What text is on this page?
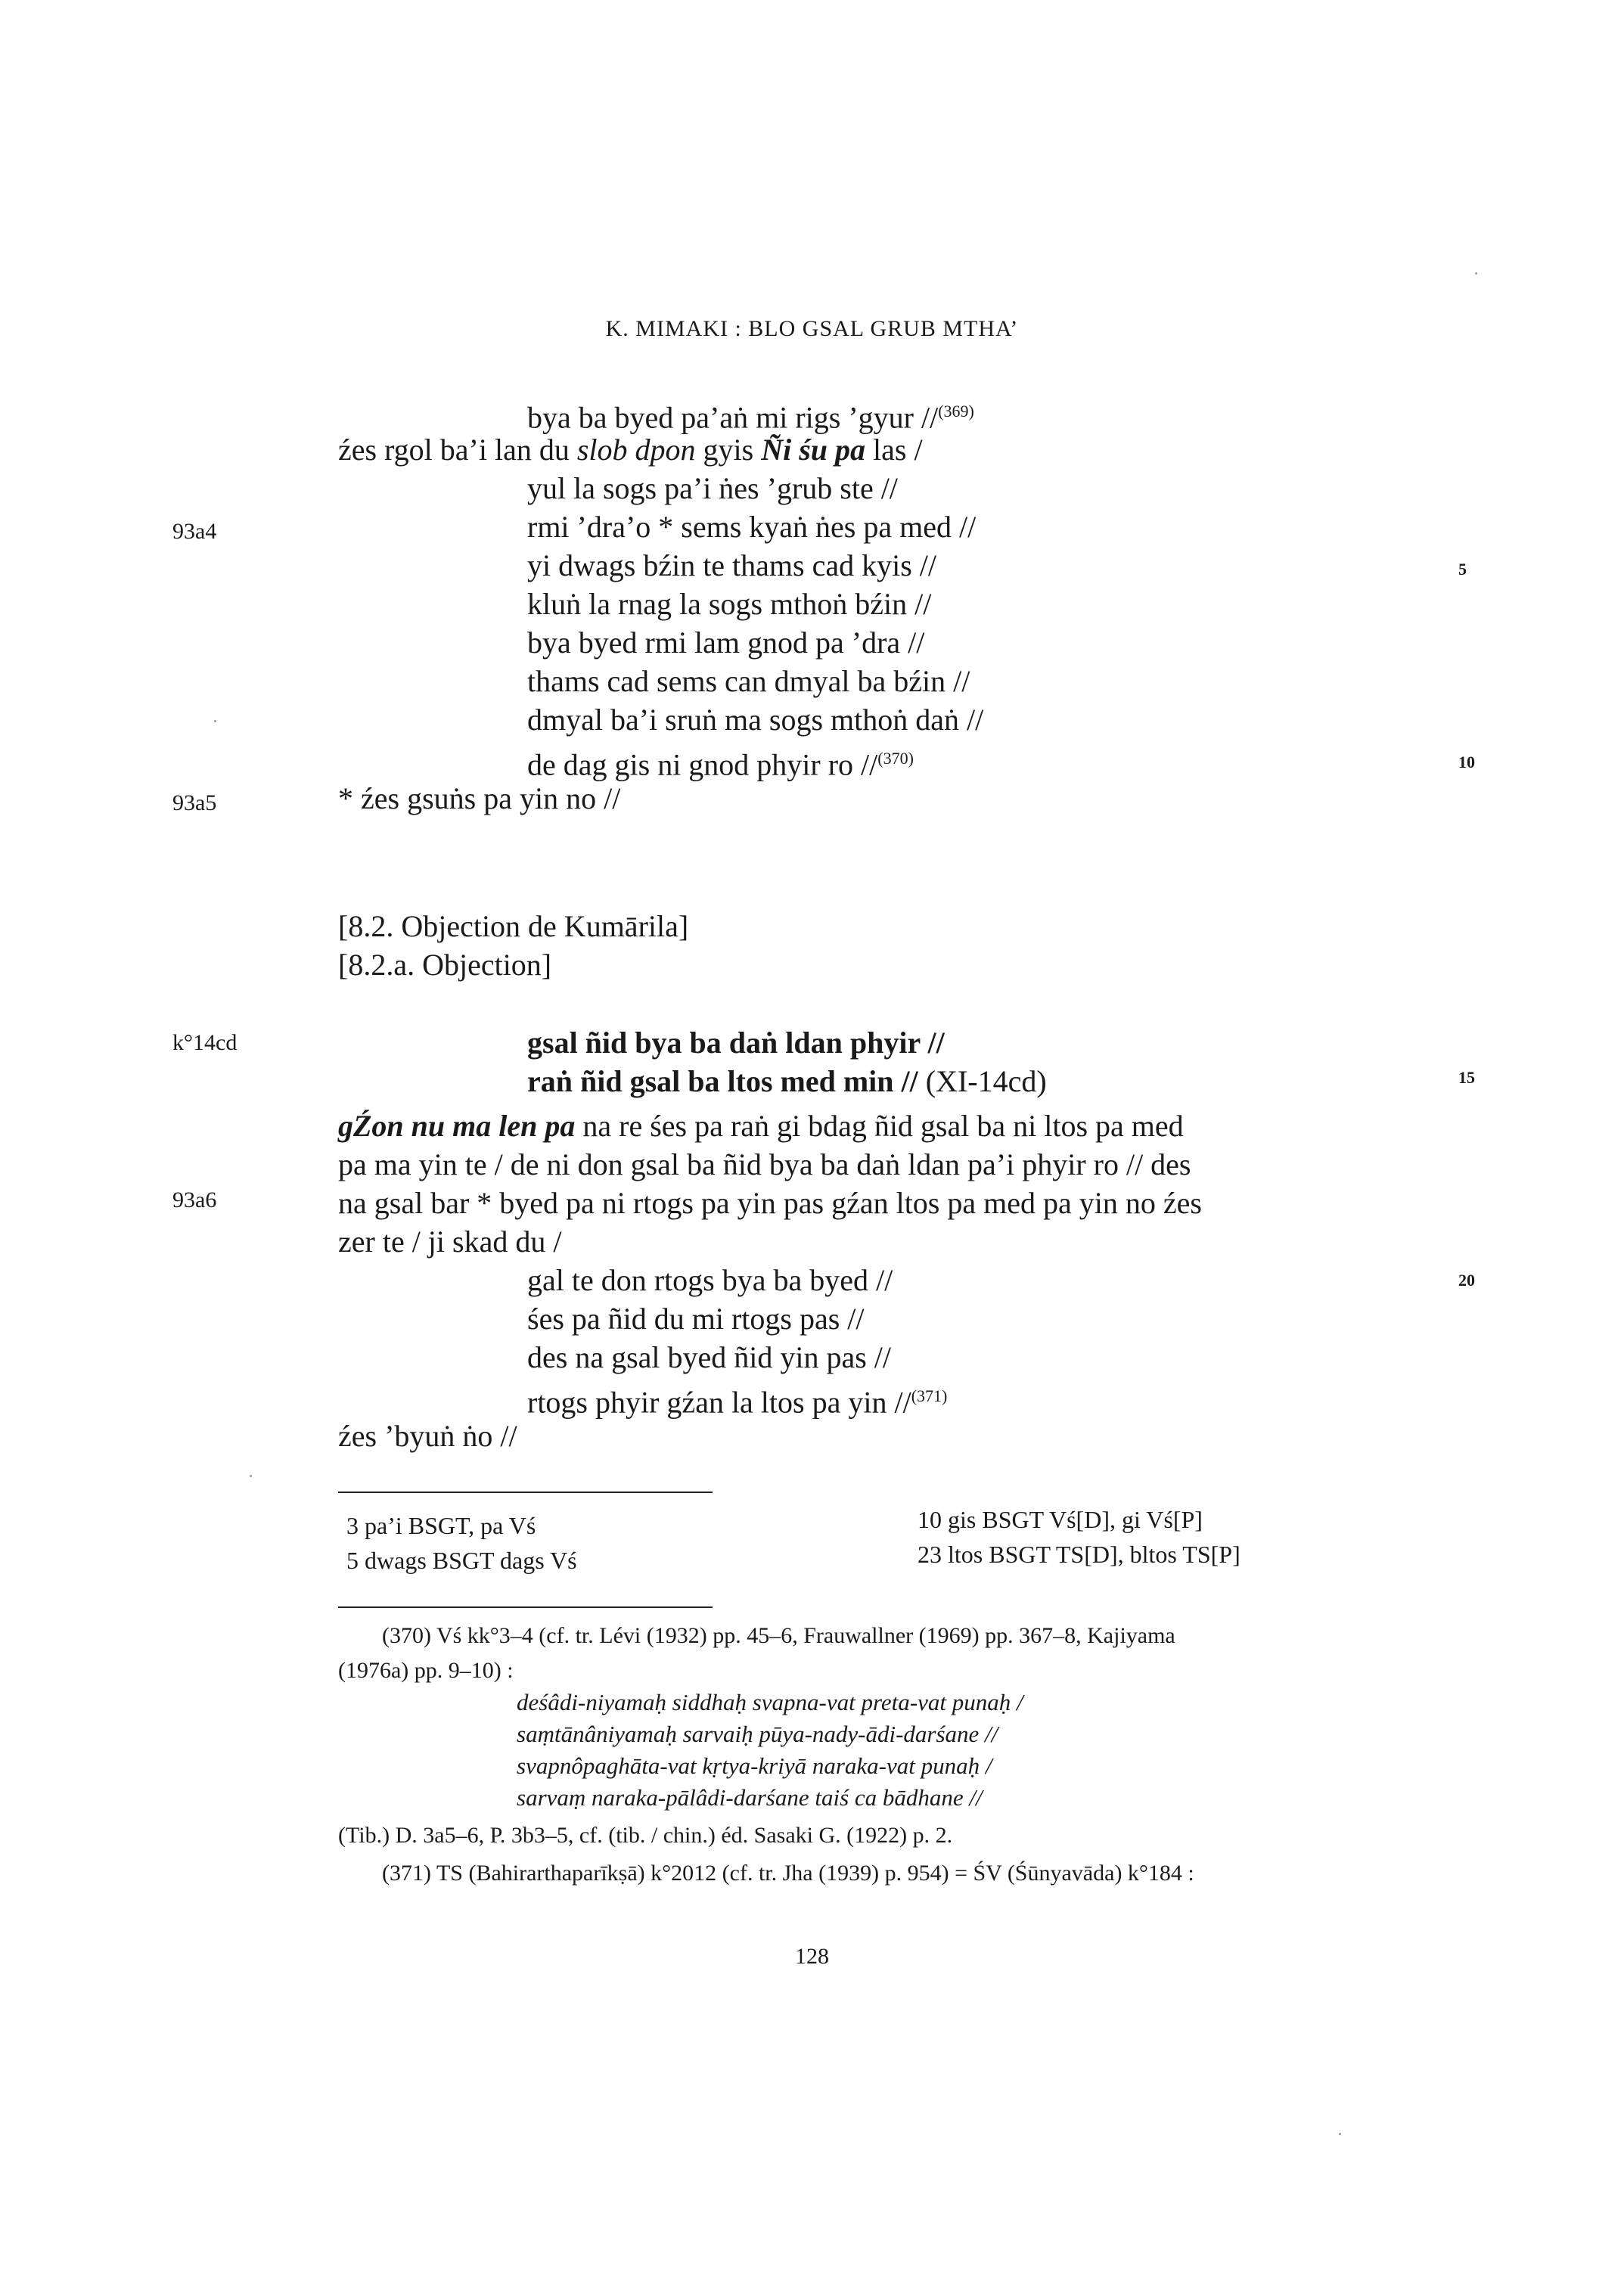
K. MIMAKI : BLO GSAL GRUB MTHA’
bya ba byed pa’aṅ mi rigs ’gyur //$^{(369)}$
źes rgol ba’i lan du slob dpon gyis Ñi śu pa las /
yul la sogs pa’i ṅes ’grub ste //
rmi ’dra’o * sems kyaṅ ṅes pa med //
yi dwags bźin te thams cad kyis //
kluṅ la rnag la sogs mthoṅ bźin //
bya byed rmi lam gnod pa ’dra //
thams cad sems can dmyal ba bźin //
dmyal ba’i sruṅ ma sogs mthoṅ daṅ //
de dag gis ni gnod phyir ro //$^{(370)}$
* źes gsuṅs pa yin no //
93a4
93a5
k°14cd
93a6
5
10
15
20
[8.2. Objection de Kumārila]
[8.2.a. Objection]
gsal ñid bya ba daṅ ldan phyir //
raṅ ñid gsal ba ltos med min // (XI-14cd)
gŹon nu ma len pa na re śes pa raṅ gi bdag ñid gsal ba ni ltos pa med
pa ma yin te / de ni don gsal ba ñid bya ba daṅ ldan pa’i phyir ro // des
na gsal bar * byed pa ni rtogs pa yin pas gźan ltos pa med pa yin no źes
zer te / ji skad du /
gal te don rtogs bya ba byed //
śes pa ñid du mi rtogs pas //
des na gsal byed ñid yin pas //
rtogs phyir gźan la ltos pa yin //$^{(371)}$
źes ’byuṅ ṅo //
3 pa’i BSGT, pa Vś
5 dwags BSGT dags Vś
10 gis BSGT Vś[D], gi Vś[P]
23 ltos BSGT TS[D], bltos TS[P]
(370) Vś kk°3–4 (cf. tr. Lévi (1932) pp. 45–6, Frauwallner (1969) pp. 367–8, Kajiyama
(1976a) pp. 9–10) :
deśâdi-niyamaḥ siddhaḥ svapna-vat preta-vat punaḥ /
saṃtānâniyamaḥ sarvaiḥ pūya-nady-ādi-darśane //
svapnôpaghāta-vat kṛtya-kriyā naraka-vat punaḥ /
sarvaṃ naraka-pālâdi-darśane taiś ca bādhane //
(Tib.) D. 3a5–6, P. 3b3–5, cf. (tib. / chin.) éd. Sasaki G. (1922) p. 2.
(371) TS (Bahirarthaparīkṣā) k°2012 (cf. tr. Jha (1939) p. 954) = ŚV (Śūnyavāda) k°184 :
128
